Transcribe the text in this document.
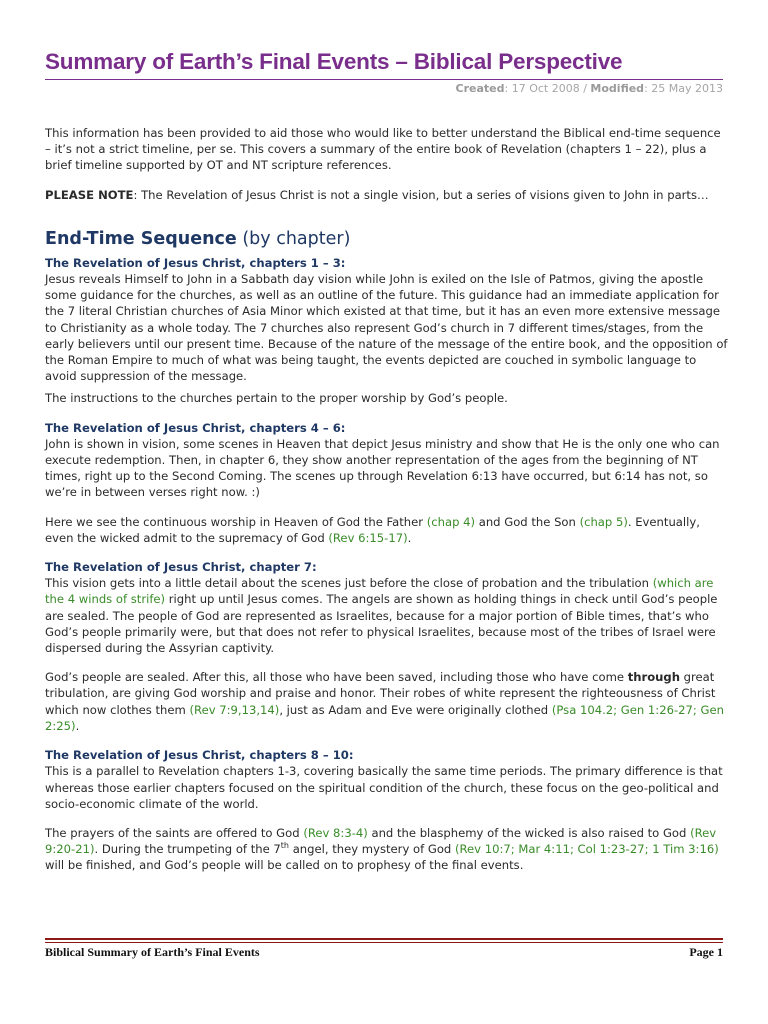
Summary of Earth’s Final Events – Biblical Perspective
Created: 17 Oct 2008 / Modified: 25 May 2013

This information has been provided to aid those who would like to better understand the Biblical end-time sequence – it’s not a strict timeline, per se. This covers a summary of the entire book of Revelation (chapters 1 – 22), plus a brief timeline supported by OT and NT scripture references.

PLEASE NOTE: The Revelation of Jesus Christ is not a single vision, but a series of visions given to John in parts…

End-Time Sequence (by chapter)
The Revelation of Jesus Christ, chapters 1 – 3:

Jesus reveals Himself to John in a Sabbath day vision while John is exiled on the Isle of Patmos, giving the apostle some guidance for the churches, as well as an outline of the future. This guidance had an immediate application for the 7 literal Christian churches of Asia Minor which existed at that time, but it has an even more extensive message to Christianity as a whole today. The 7 churches also represent God’s church in 7 different times/stages, from the early believers until our present time. Because of the nature of the message of the entire book, and the opposition of the Roman Empire to much of what was being taught, the events depicted are couched in symbolic language to avoid suppression of the message.

The instructions to the churches pertain to the proper worship by God’s people.

The Revelation of Jesus Christ, chapters 4 – 6:

John is shown in vision, some scenes in Heaven that depict Jesus ministry and show that He is the only one who can execute redemption. Then, in chapter 6, they show another representation of the ages from the beginning of NT times, right up to the Second Coming. The scenes up through Revelation 6:13 have occurred, but 6:14 has not, so we’re in between verses right now. :)

Here we see the continuous worship in Heaven of God the Father (chap 4) and God the Son (chap 5). Eventually, even the wicked admit to the supremacy of God (Rev 6:15-17).

The Revelation of Jesus Christ, chapter 7:

This vision gets into a little detail about the scenes just before the close of probation and the tribulation (which are the 4 winds of strife) right up until Jesus comes. The angels are shown as holding things in check until God’s people are sealed. The people of God are represented as Israelites, because for a major portion of Bible times, that’s who God’s people primarily were, but that does not refer to physical Israelites, because most of the tribes of Israel were dispersed during the Assyrian captivity.

God’s people are sealed. After this, all those who have been saved, including those who have come through great tribulation, are giving God worship and praise and honor. Their robes of white represent the righteousness of Christ which now clothes them (Rev 7:9,13,14), just as Adam and Eve were originally clothed (Psa 104.2; Gen 1:26-27; Gen 2:25).

The Revelation of Jesus Christ, chapters 8 – 10:

This is a parallel to Revelation chapters 1-3, covering basically the same time periods. The primary difference is that whereas those earlier chapters focused on the spiritual condition of the church, these focus on the geo-political and socio-economic climate of the world.

The prayers of the saints are offered to God (Rev 8:3-4) and the blasphemy of the wicked is also raised to God (Rev 9:20-21). During the trumpeting of the 7th angel, they mystery of God (Rev 10:7; Mar 4:11; Col 1:23-27; 1 Tim 3:16) will be finished, and God’s people will be called on to prophesy of the final events.

Biblical Summary of Earth’s Final Events	Page 1
